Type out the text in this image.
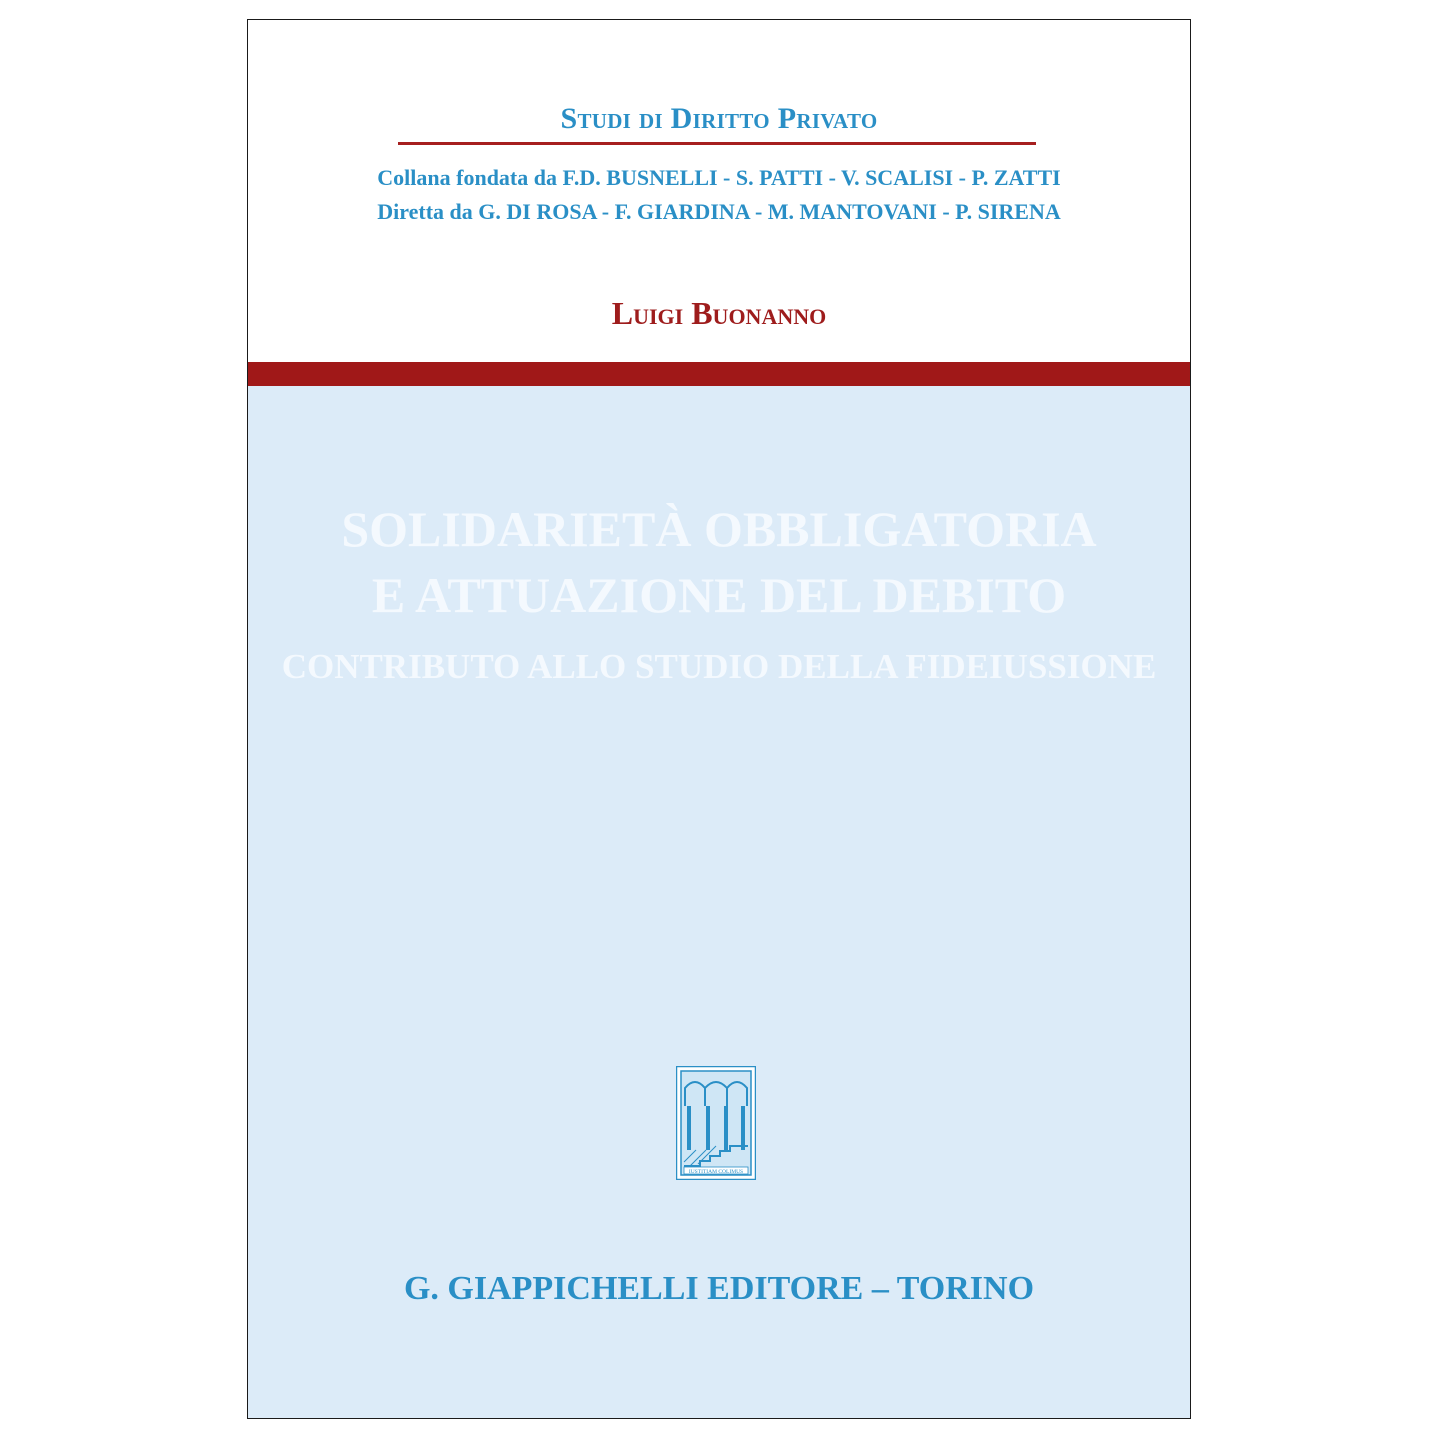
Studi di Diritto Privato
Collana fondata da F.D. BUSNELLI - S. PATTI - V. SCALISI - P. ZATTI
Diretta da G. DI ROSA - F. GIARDINA - M. MANTOVANI - P. SIRENA
Luigi Buonanno
SOLIDARIETÀ OBBLIGATORIA
E ATTUAZIONE DEL DEBITO
CONTRIBUTO ALLO STUDIO DELLA FIDEIUSSIONE
IUSTITIAM COLIMUS
G. GIAPPICHELLI EDITORE – TORINO
